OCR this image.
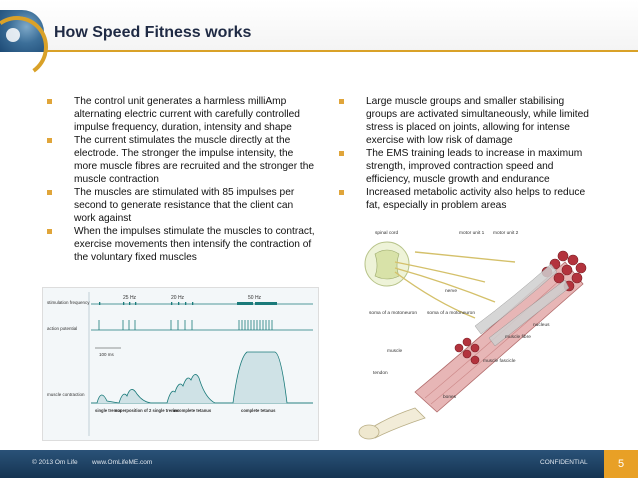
How Speed Fitness works
The control unit generates a harmless milliAmp alternating electric current with carefully controlled impulse frequency, duration, intensity and shape
The current stimulates the muscle directly at the electrode. The stronger the impulse intensity, the more muscle fibres are recruited and the stronger the muscle contraction
The muscles are stimulated with 85 impulses per second to generate resistance that the client can work against
When the impulses stimulate the muscles to contract, exercise movements then intensify the contraction of the voluntary fixed muscles
Large muscle groups and smaller stabilising groups are activated simultaneously, while limited stress is placed on joints, allowing for intense exercise with low risk of damage
The EMS training leads to increase in maximum strength, improved contraction speed and efficiency, muscle growth and endurance
Increased metabolic activity also helps to reduce fat, especially in problem areas
stimulation frequency
action potential
muscle contraction
25 Hz	20 Hz	50 Hz
100 ms
single tremor
superposition of 2 single tremor
incomplete tetanus	complete tetanus
spinal cord	motor unit 1 motor unit 2
nerve
soma of a motoneuron soma of a motoneuron
nucleus
muscle fibre
muscle
muscle fascicle
tendon
bones
© 2013 Om Life www.OmLifeME.com	CONFIDENTIAL	5
